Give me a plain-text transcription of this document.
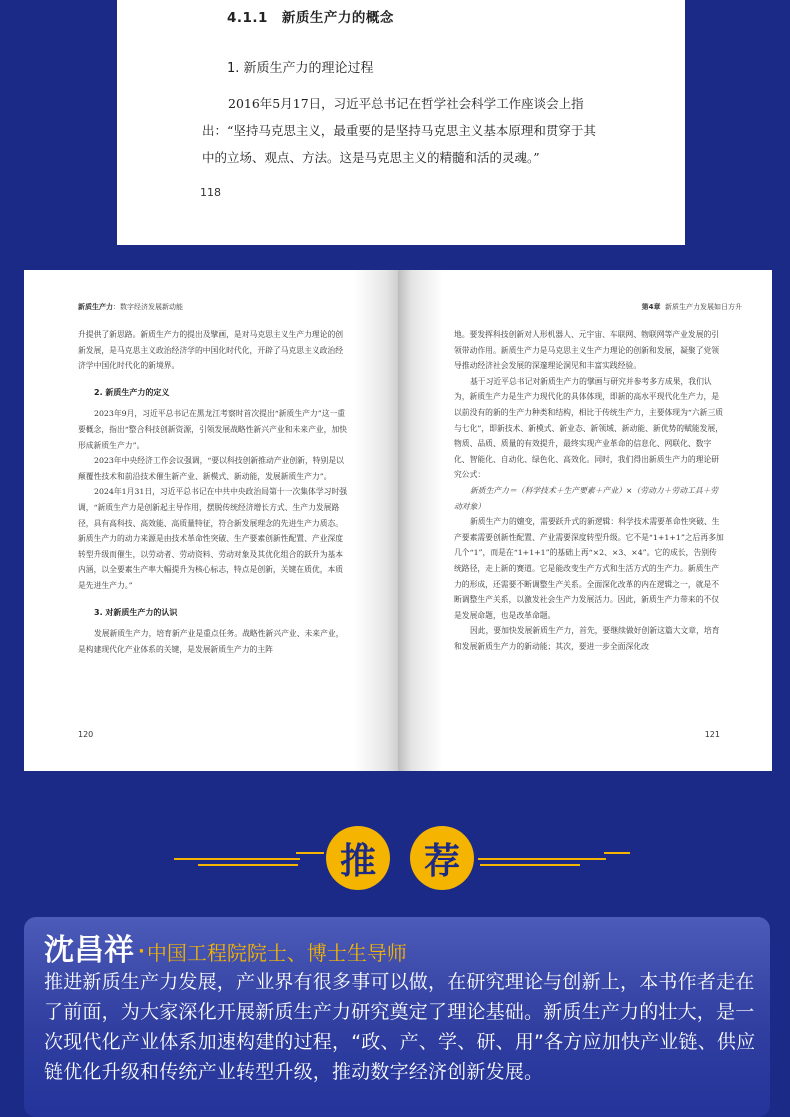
4.1.1　新质生产力的概念
1. 新质生产力的理论过程
2016年5月17日，习近平总书记在哲学社会科学工作座谈会上指出：“坚持马克思主义，最重要的是坚持马克思主义基本原理和贯穿于其中的立场、观点、方法。这是马克思主义的精髓和活的灵魂。”
118
新质生产力：数字经济发展新动能

升提供了新思路。新质生产力的提出及擘画，是对马克思主义生产力理论的创新发展，是马克思主义政治经济学的中国化时代化，开辟了马克思主义政治经济学中国化时代化的新境界。

2. 新质生产力的定义

2023年9月，习近平总书记在黑龙江考察时首次提出“新质生产力”这一重要概念，指出“整合科技创新资源，引领发展战略性新兴产业和未来产业，加快形成新质生产力”。

2023年中央经济工作会议强调，“要以科技创新推动产业创新，特别是以颠覆性技术和前沿技术催生新产业、新模式、新动能，发展新质生产力”。

2024年1月31日，习近平总书记在中共中央政治局第十一次集体学习时强调，“新质生产力是创新起主导作用，摆脱传统经济增长方式、生产力发展路径，具有高科技、高效能、高质量特征，符合新发展理念的先进生产力质态。新质生产力的动力来源是由技术革命性突破、生产要素创新性配置、产业深度转型升级而催生，以劳动者、劳动资料、劳动对象及其优化组合的跃升为基本内涵，以全要素生产率大幅提升为核心标志，特点是创新，关键在质优，本质是先进生产力。”

3. 对新质生产力的认识

发展新质生产力，培育新产业是重点任务。战略性新兴产业、未来产业，是构建现代化产业体系的关键，是发展新质生产力的主阵

120
第4章 新质生产力发展如日方升

地。要发挥科技创新对人形机器人、元宇宙、车联网、物联网等产业发展的引领带动作用。新质生产力是马克思主义生产力理论的创新和发展，凝聚了党领导推动经济社会发展的深邃理论洞见和丰富实践经验。

基于习近平总书记对新质生产力的擘画与研究并参考多方成果，我们认为，新质生产力是生产力现代化的具体体现，即新的高水平现代化生产力，是以前没有的新的生产力种类和结构，相比于传统生产力，主要体现为“六新三质与七化”，即新技术、新模式、新业态、新领域、新动能、新优势的赋能发展，物质、品质、质量的有效提升，最终实现产业革命的信息化、网联化、数字化、智能化、自动化、绿色化、高效化。同时，我们得出新质生产力的理论研究公式：

新质生产力＝（科学技术＋生产要素＋产业）×（劳动力＋劳动工具＋劳动对象）

新质生产力的嬗变，需要跃升式的新逻辑：科学技术需要革命性突破、生产要素需要创新性配置、产业需要深度转型升级。它不是“1+1+1”之后再多加几个“1”，而是在“1+1+1”的基础上再“×2、×3、×4”。它的成长，告别传统路径，走上新的赛道。它是能改变生产方式和生活方式的生产力。新质生产力的形成，还需要不断调整生产关系。全面深化改革的内在逻辑之一，就是不断调整生产关系，以激发社会生产力发展活力。因此，新质生产力带来的不仅是发展命题，也是改革命题。

因此，要加快发展新质生产力，首先，要继续做好创新这篇大文章，培育和发展新质生产力的新动能；其次，要进一步全面深化改

121
推	荐
沈昌祥 · 中国工程院院士、博士生导师
推进新质生产力发展，产业界有很多事可以做，在研究理论与创新上，本书作者走在了前面，为大家深化开展新质生产力研究奠定了理论基础。新质生产力的壮大，是一次现代化产业体系加速构建的过程，“政、产、学、研、用”各方应加快产业链、供应链优化升级和传统产业转型升级，推动数字经济创新发展。
